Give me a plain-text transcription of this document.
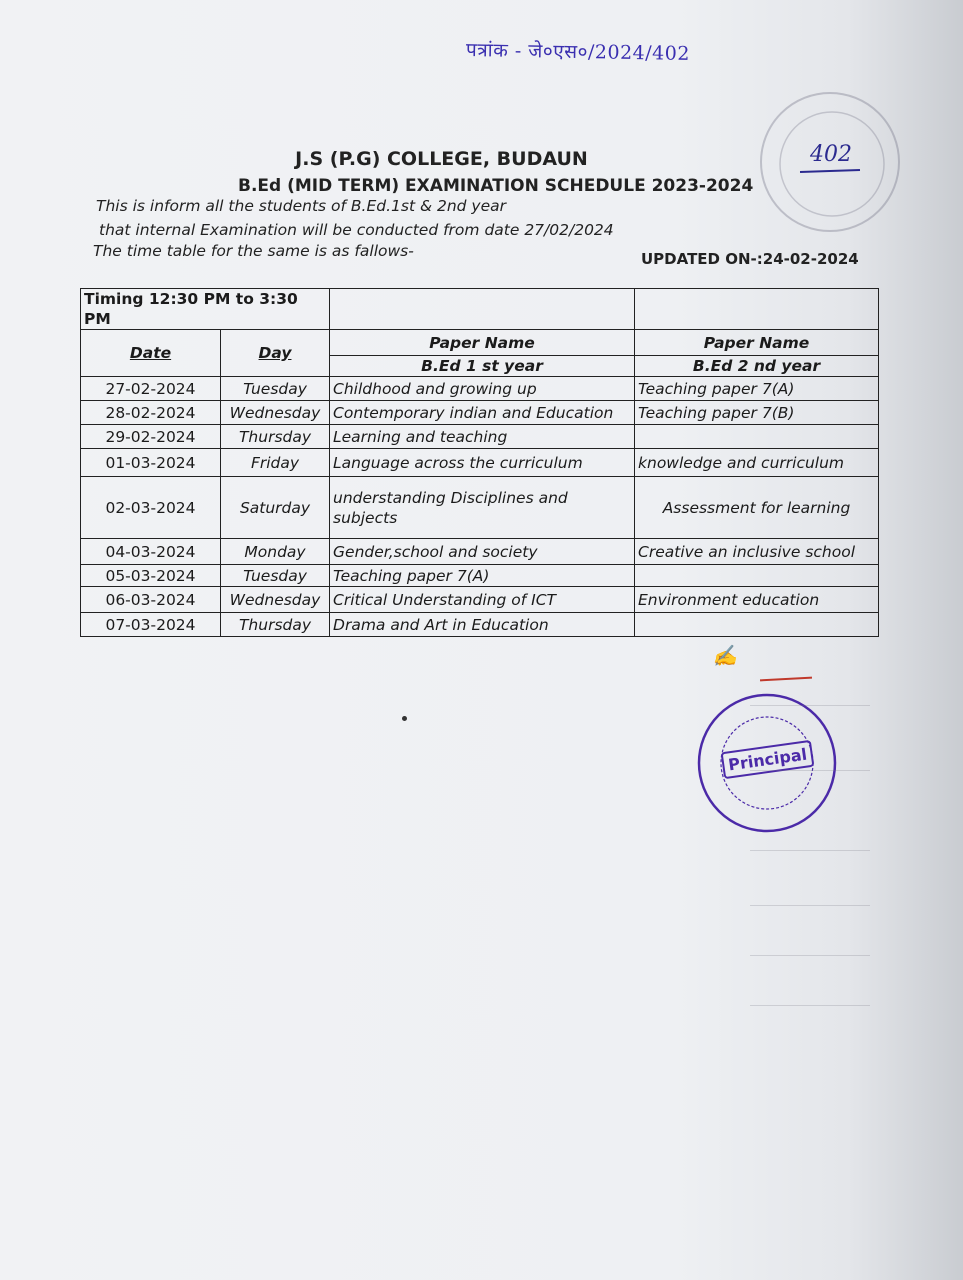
पत्रांक - जे०एस०/2024/402
402
J.S (P.G) COLLEGE, BUDAUN
B.Ed (MID TERM) EXAMINATION SCHEDULE 2023-2024
This is inform all the students of B.Ed.1st & 2nd year
that internal Examination will be conducted from date 27/02/2024
The time table for the same is as fallows-	UPDATED ON-:24-02-2024
Timing 12:30 PM to 3:30 PM			
Date	Day	Paper Name	Paper Name
		B.Ed 1 st year	B.Ed 2 nd year
27-02-2024	Tuesday	Childhood and growing up	Teaching paper 7(A)
28-02-2024	Wednesday	Contemporary indian and Education	Teaching paper 7(B)
29-02-2024	Thursday	Learning and teaching	
01-03-2024	Friday	Language across the curriculum	knowledge and curriculum
02-03-2024	Saturday	understanding Disciplines and subjects	Assessment for learning
04-03-2024	Monday	Gender,school and society	Creative an inclusive school
05-03-2024	Tuesday	Teaching paper 7(A)	
06-03-2024	Wednesday	Critical Understanding of ICT	Environment education
07-03-2024	Thursday	Drama and Art in Education	
✍
Principal
